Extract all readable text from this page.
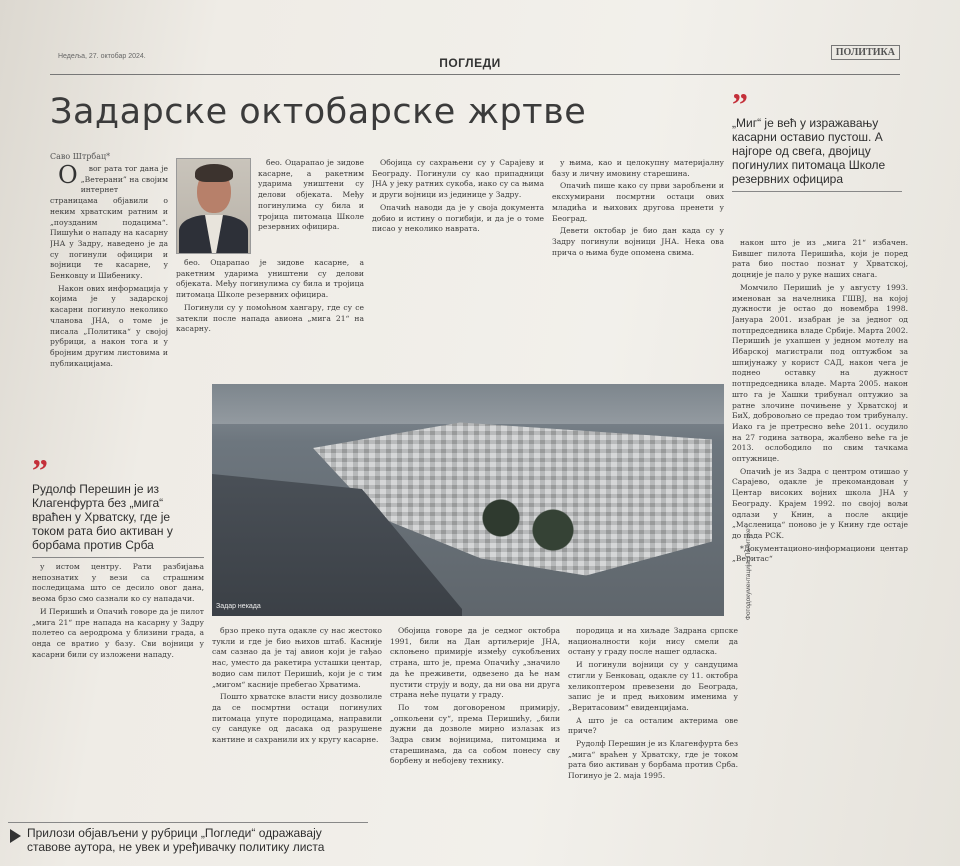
Недеља, 27. октобар 2024.	ПОГЛЕДИ
ПОЛИТИКА
Задарске октобарске жртве
Саво Штрбац*

О	вог рата тог дана је „Ветерани” на својим интернет страницама објавили о неким хрватским ратним и „поузданим подацима“. Пишући о нападу на касарну ЈНА у Задру, наведено је да су погинули официри и војници те касарне, у Бенковцу и Шибенику.

Након ових информација у којима је у задарској касарни погинуло неколико чланова ЈНА, о томе је писала „Политика“ у својој рубрици, а након тога и у бројним другим листовима и публикацијама.

бео. Оцарапао је зидове касарне, а ракетним ударима уништени су делови објеката. Међу погинулима су била и тројица питомаца Школе резервних официра.

Погинули су у помоћном хангару, где су се затекли после напада авиона „мига 21“ на касарну.

бео. Оцарапао је зидове касарне, а ракетним ударима уништени су делови објеката. Међу погинулима су била и тројица питомаца Школе резервних официра.

Обојица су сахрањени су у Сарајеву и Београду. Погинули су као припадници ЈНА у јеку ратних сукоба, иако су са њима и други војници из јединице у Задру.

Опачић наводи да је у своја документа добио и истину о погибији, и да је о томе писао у неколико наврата.

у њима, као и целокупну материјалну базу и личну имовину старешина.

Опачић пише како су први заробљени и ексхумирани посмртни остаци ових младића и њихових другова пренети у Београд.

Девети октобар је био дан када су у Задру погинули војници ЈНА. Нека ова прича о њима буде опомена свима.

”
„Миг“ је већ у изражавању касарни оставио пустош. А најгоре од свега, двојицу погинулих питомаца Школе резервних официра
”
Рудолф Перешин је из Клагенфурта без „мига“ враћен у Хрватску, где је током рата био активан у борбама против Срба

у истом центру. Рати разбијања непознатих у вези са страшним последицама што се десило овог дана, веома брзо смо сазнали ко су нападачи.

И Перишић и Опачић говоре да је пилот „мига 21“ пре напада на касарну у Задру полетео са аеродрома у близини града, а онда се вратио у базу. Сви војници у касарни били су изложени нападу.

Задар некада	Фотодокументација „Политике“

брзо преко пута одакле су нас жестоко тукли и где је био њихов штаб. Касније сам сазнао да је тај авион који је гађао нас, уместо да ракетира усташки центар, водио сам пилот Перишић, који је с тим „мигом“ касније пребегао Хрватима.

Пошто хрватске власти нису дозволиле да се посмртни остаци погинулих питомаца упуте породицама, направили су сандуке од дасака од разрушене кантине и сахранили их у кругу касарне.

Обојица говоре да је седмог октобра 1991, били на Дан артиљерије ЈНА, склоњено примирје између сукобљених страна, што је, према Опачићу „значило да ће преживети, одвезено да ће нам пустити струју и воду, да ни ова ни друга страна неће пуцати у граду.

По том договореном примирју, „опкољени су“, према Перишићу, „били дужни да дозволе мирно излазак из Задра свим војницима, питомцима и старешинама, да са собом понесу сву борбену и небојеву технику.

породица и на хиљаде Задрана српске националности који нису смели да остану у граду после нашег одласка.

И погинули војници су у сандуцима стигли у Бенковац, одакле су 11. октобра хеликоптером превезени до Београда, запис је и пред њиховим именима у „Веритасовим“ евиденцијама.

А што је са осталим актерима ове приче?

Рудолф Перешин је из Клагенфурта без „мига“ враћен у Хрватску, где је током рата био активан у борбама против Срба. Погинуо је 2. маја 1995.

након што је из „мига 21“ избачен. Бившег пилота Перишића, који је поред рата био постао познат у Хрватској, доцније је пало у руке наших снага.

Момчило Перишић је у августу 1993. именован за начелника ГШВЈ, на којој дужности је остао до новембра 1998. Јануара 2001. изабран је за једног од потпредседника владе Србије. Марта 2002. Перишић је ухапшен у једном мотелу на Ибарској магистрали под оптужбом за шпијунажу у корист САД, након чега је поднео оставку на дужност потпредседника владе. Марта 2005. након што га је Хашки трибунал оптужио за ратне злочине почињене у Хрватској и БиХ, добровољно се предао том трибуналу. Иако га је претресно веће 2011. осудило на 27 година затвора, жалбено веће га је 2013. ослободило по свим тачкама оптужнице.

Опачић је из Задра с центром отишао у Сарајево, одакле је прекомандован у Центар високих војних школа ЈНА у Београду. Крајем 1992. по својој вољи одлази у Книн, а после акције „Масленица“ поново је у Книну где остаје до пада РСК.

*Документационо-информациони центар „Веритас“

Прилози објављени у рубрици „Погледи“ одражавају ставове аутора, не увек и уређивачку политику листа
